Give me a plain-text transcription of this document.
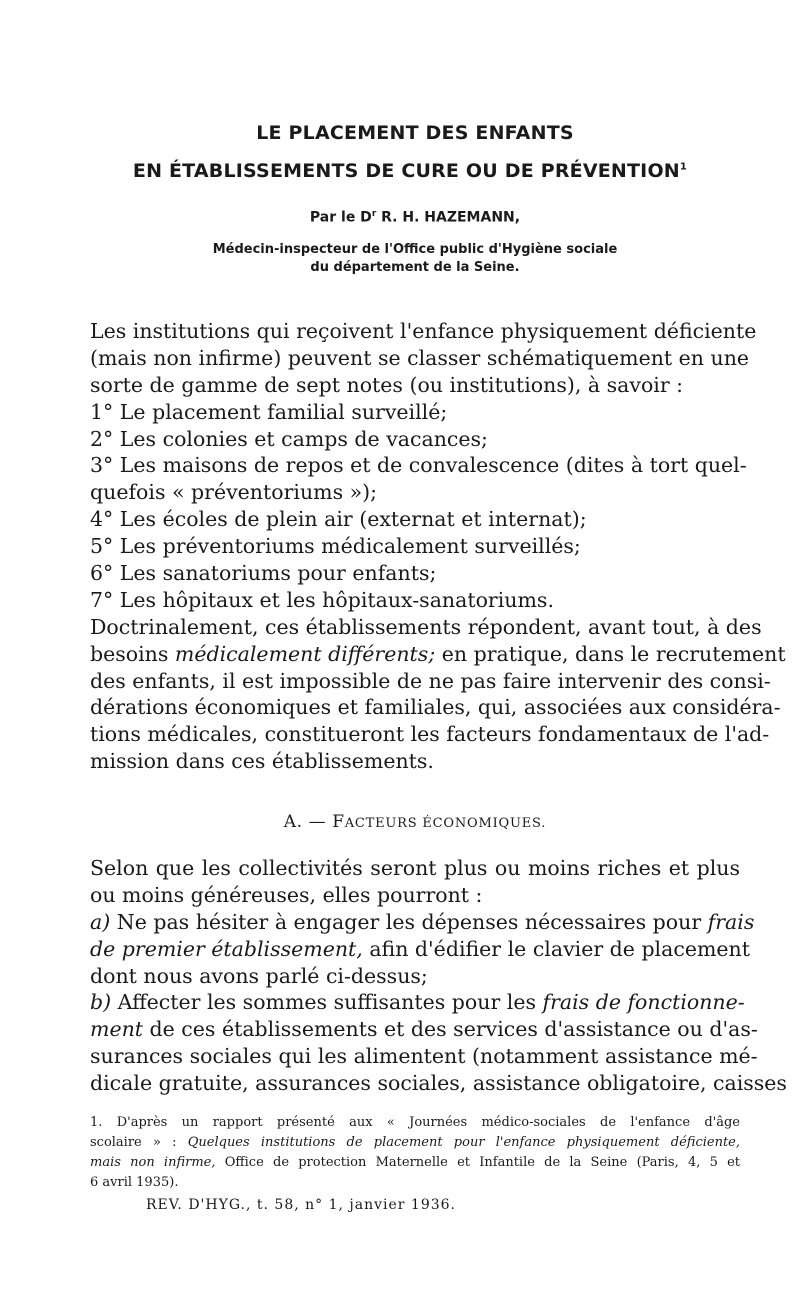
LE PLACEMENT DES ENFANTS
EN ÉTABLISSEMENTS DE CURE OU DE PRÉVENTION$^1$
Par le $D^r$ R. H. HAZEMANN,
Médecin-inspecteur de l'Office public d'Hygiène sociale
du département de la Seine.
Les institutions qui reçoivent l'enfance physiquement déficiente
(mais non infirme) peuvent se classer schématiquement en une
sorte de gamme de sept notes (ou institutions), à savoir :
1° Le placement familial surveillé;
2° Les colonies et camps de vacances;
3° Les maisons de repos et de convalescence (dites à tort quel-
quefois « préventoriums »);
4° Les écoles de plein air (externat et internat);
5° Les préventoriums médicalement surveillés;
6° Les sanatoriums pour enfants;
7° Les hôpitaux et les hôpitaux-sanatoriums.
Doctrinalement, ces établissements répondent, avant tout, à des
besoins médicalement différents; en pratique, dans le recrutement
des enfants, il est impossible de ne pas faire intervenir des consi-
dérations économiques et familiales, qui, associées aux considéra-
tions médicales, constitueront les facteurs fondamentaux de l'ad-
mission dans ces établissements.
A. — FACTEURS ÉCONOMIQUES.
Selon que les collectivités seront plus ou moins riches et plus
ou moins généreuses, elles pourront :
a) Ne pas hésiter à engager les dépenses nécessaires pour frais
de premier établissement, afin d'édifier le clavier de placement
dont nous avons parlé ci-dessus;
b) Affecter les sommes suffisantes pour les frais de fonctionne-
ment de ces établissements et des services d'assistance ou d'as-
surances sociales qui les alimentent (notamment assistance mé-
dicale gratuite, assurances sociales, assistance obligatoire, caisses
1. D'après un rapport présenté aux « Journées médico-sociales de l'enfance d'âge
scolaire » : Quelques institutions de placement pour l'enfance physiquement déficiente,
mais non infirme, Office de protection Maternelle et Infantile de la Seine (Paris, 4, 5 et
6 avril 1935).
REV. D'HYG., t. 58, n° 1, janvier 1936.
